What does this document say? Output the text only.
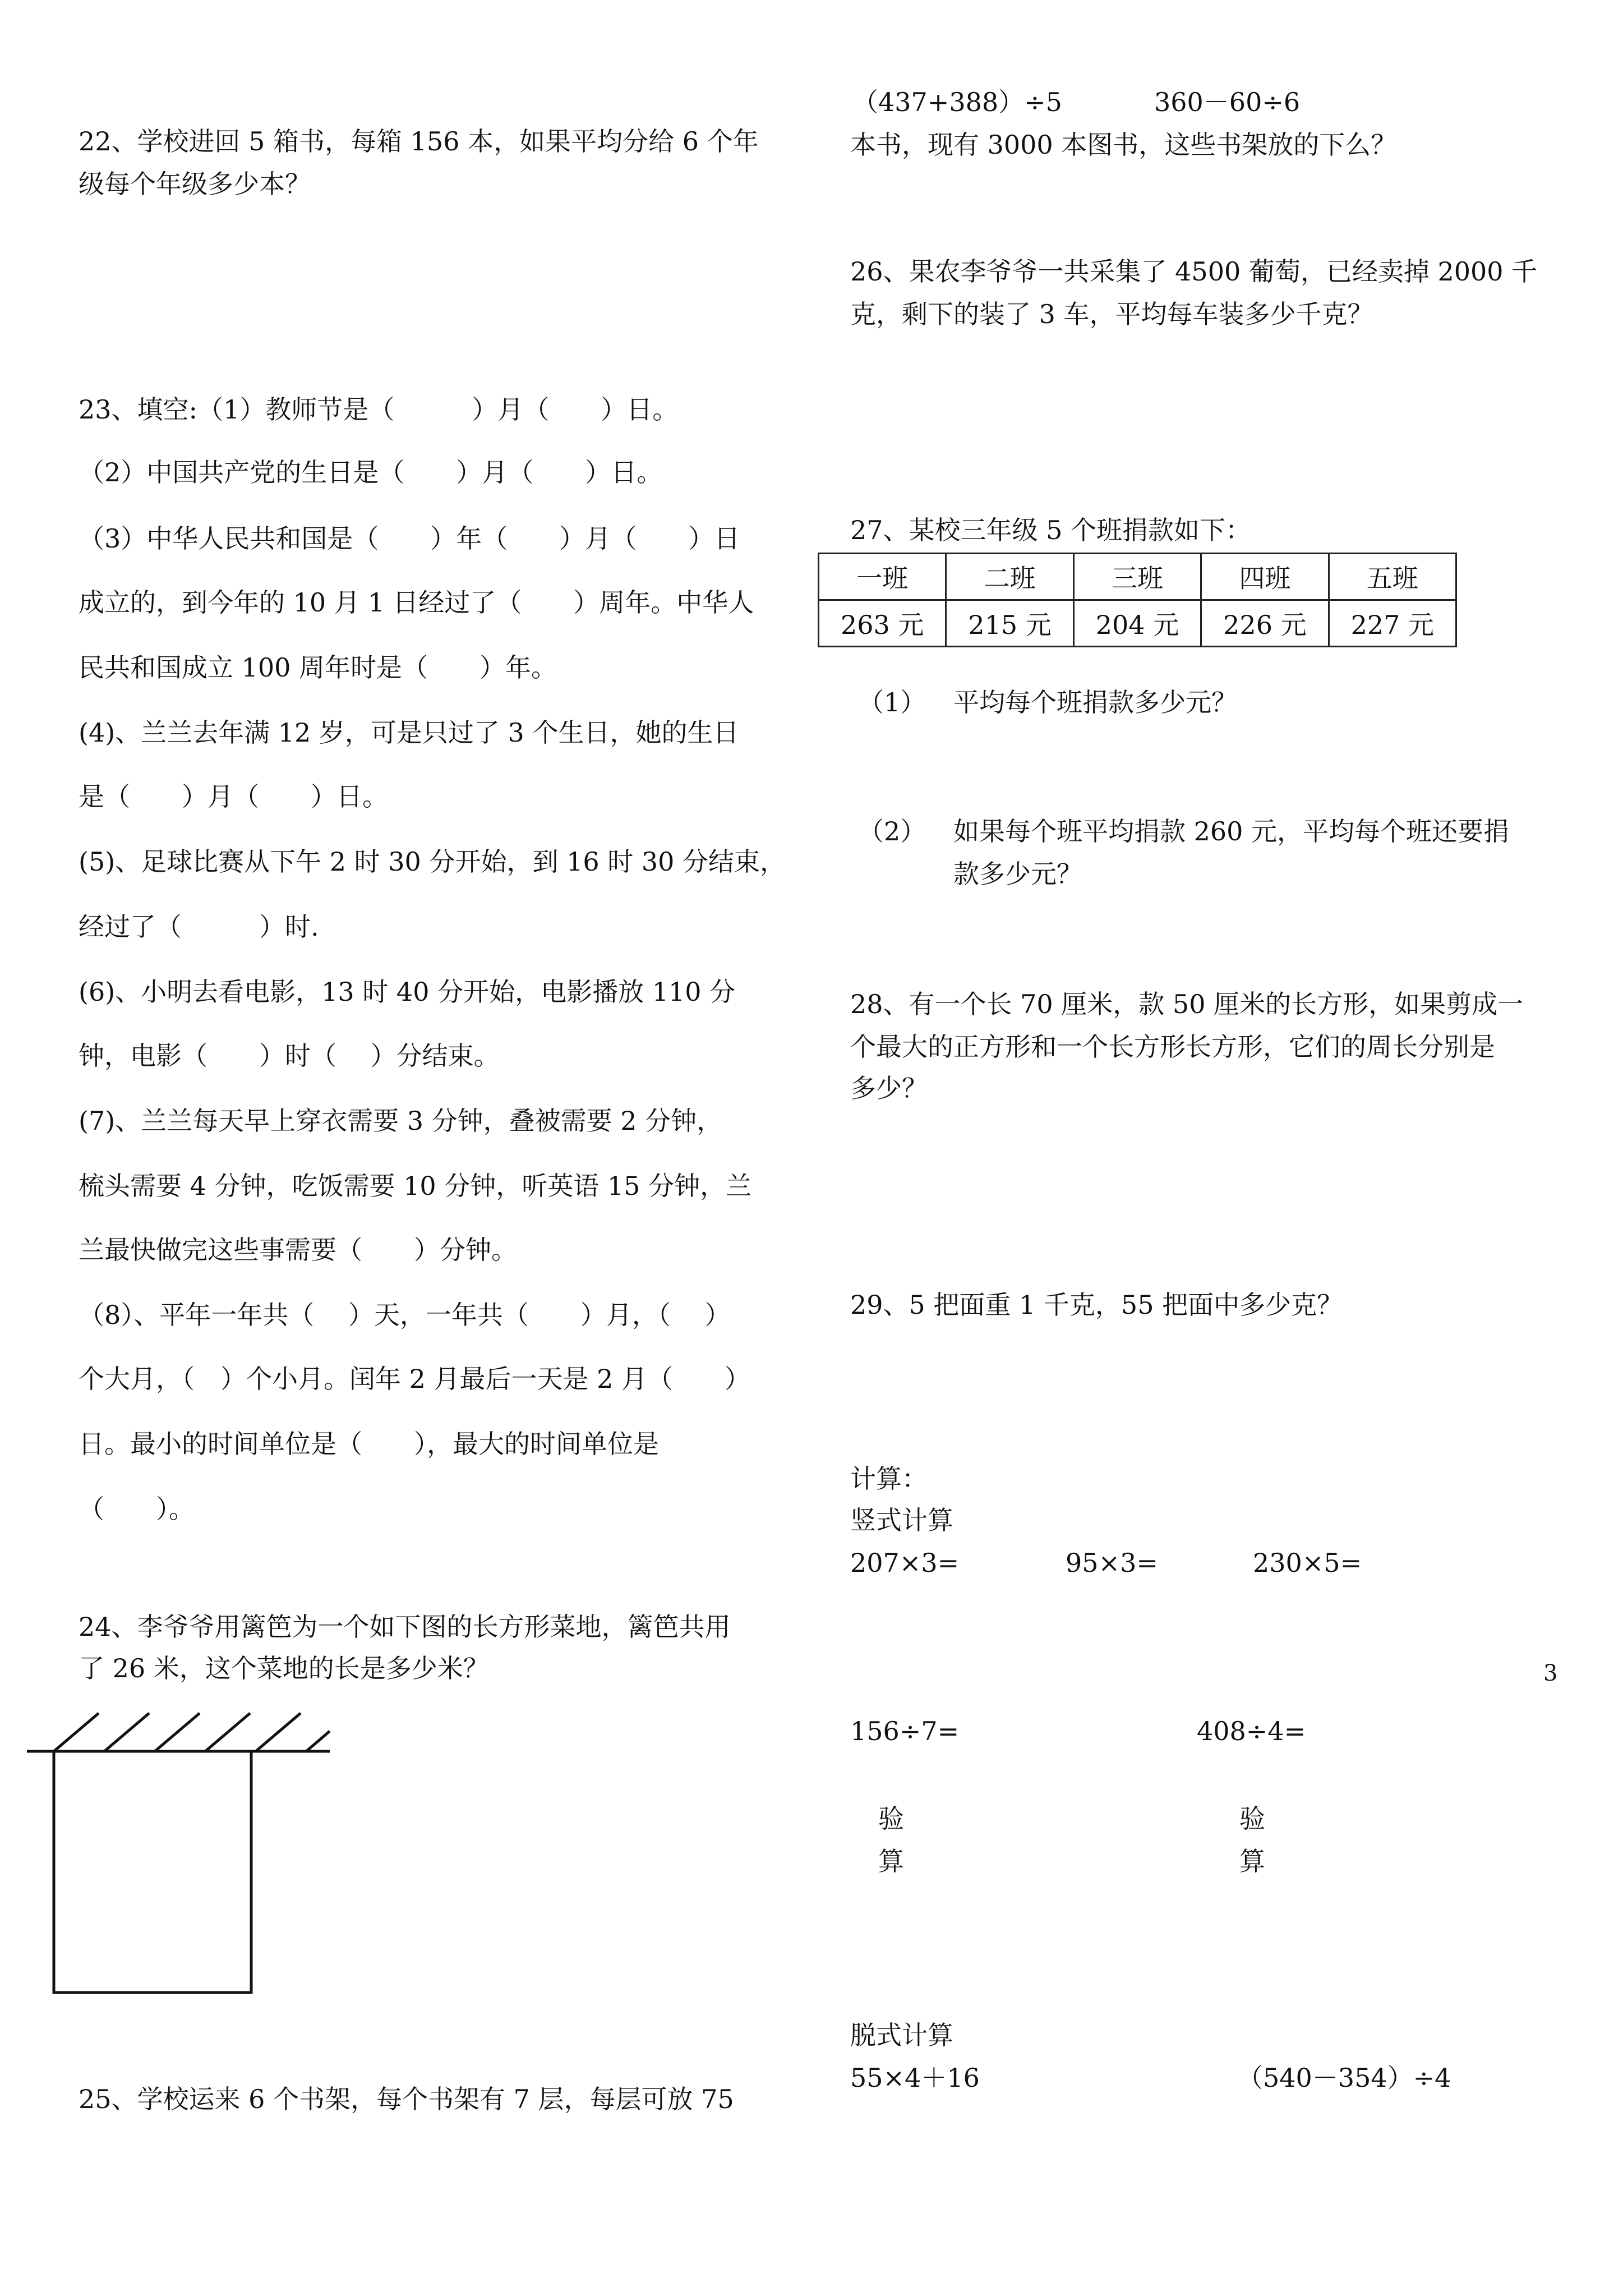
22、学校进回 5 箱书，每箱 156 本，如果平均分给 6 个年
级每个年级多少本？
23、填空:（1）教师节是（　　　）月（　　）日。
（2）中国共产党的生日是（　　）月（　　）日。
（3）中华人民共和国是（　　）年（　　）月（　　）日
成立的，到今年的 10 月 1 日经过了（　　）周年。中华人
民共和国成立 100 周年时是（　　）年。
(4)、兰兰去年满 12 岁，可是只过了 3 个生日，她的生日
是（　　）月（　　）日。
(5)、足球比赛从下午 2 时 30 分开始，到 16 时 30 分结束，
经过了（　　　）时.
(6)、小明去看电影，13 时 40 分开始，电影播放 110 分
钟，电影（　　）时（　 ）分结束。
(7)、兰兰每天早上穿衣需要 3 分钟，叠被需要 2 分钟，
梳头需要 4 分钟，吃饭需要 10 分钟，听英语 15 分钟，兰
兰最快做完这些事需要（　　）分钟。
（8）、平年一年共（　 ）天，一年共（　　）月，（　 ）
个大月，（　）个小月。闰年 2 月最后一天是 2 月（　　）
日。最小的时间单位是（　　），最大的时间单位是
（　　）。
24、李爷爷用篱笆为一个如下图的长方形菜地，篱笆共用
了 26 米，这个菜地的长是多少米？
25、学校运来 6 个书架，每个书架有 7 层，每层可放 75
（437+388）÷5	360－60÷6
本书，现有 3000 本图书，这些书架放的下么？
26、果农李爷爷一共采集了 4500 葡萄，已经卖掉 2000 千
克，剩下的装了 3 车，平均每车装多少千克？
27、某校三年级 5 个班捐款如下：
一班	二班	三班	四班	五班
263 元	215 元	204 元	226 元	227 元
（1） 平均每个班捐款多少元？
（2） 如果每个班平均捐款 260 元，平均每个班还要捐
款多少元？
28、有一个长 70 厘米，款 50 厘米的长方形，如果剪成一
个最大的正方形和一个长方形长方形，它们的周长分别是
多少？
29、5 把面重 1 千克，55 把面中多少克？
计算：
竖式计算
207×3=	95×3=	230×5=
156÷7=	408÷4=
验
算
验
算
脱式计算
55×4＋16	（540－354）÷4
3
